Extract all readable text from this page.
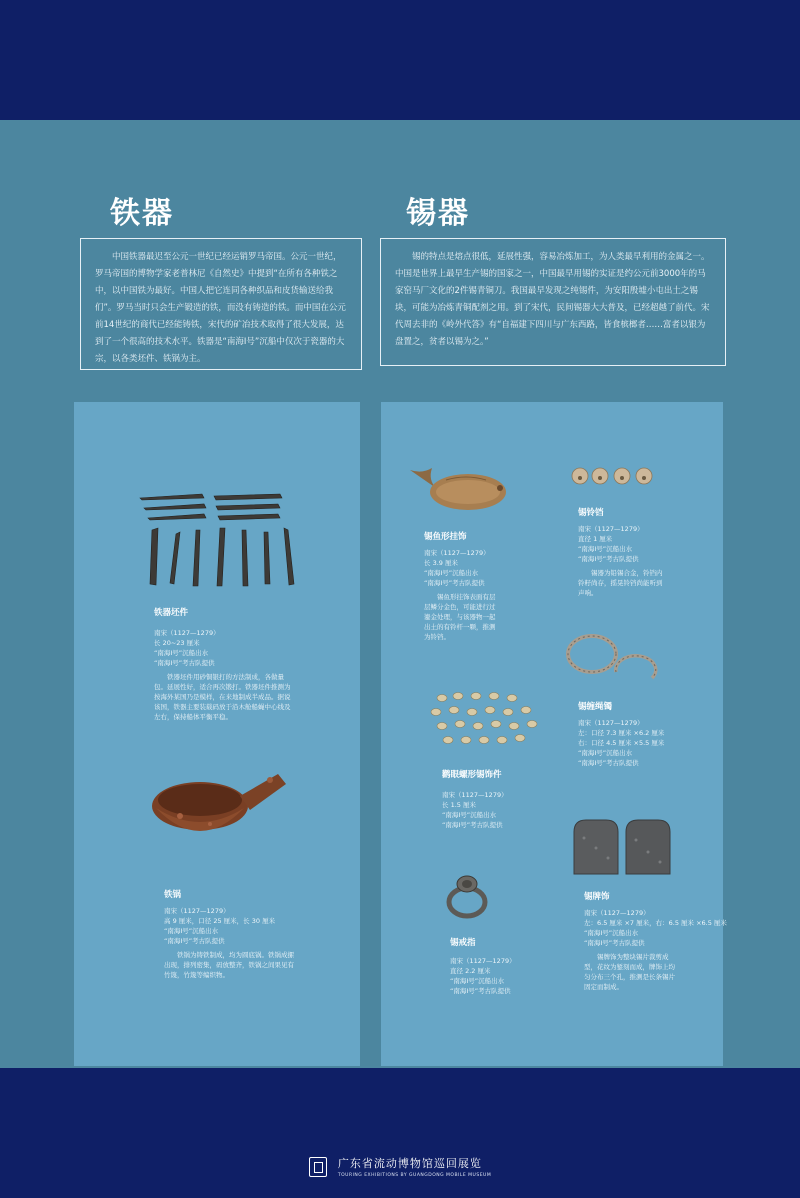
铁器	锡器
中国铁器最迟至公元一世纪已经运销罗马帝国。公元一世纪，罗马帝国的博物学家老普林尼《自然史》中提到“在所有各种铁之中，以中国铁为最好。中国人把它连同各种织品和皮货输送给我们”。罗马当时只会生产锻造的铁，而没有铸造的铁。而中国在公元前14世纪的商代已经能铸铁，宋代的矿冶技术取得了很大发展，达到了一个很高的技术水平。铁器是“南海Ⅰ号”沉船中仅次于瓷器的大宗，以各类坯件、铁锅为主。
锡的特点是熔点很低，延展性强，容易冶炼加工，为人类最早利用的金属之一。中国是世界上最早生产锡的国家之一，中国最早用锡的实证是约公元前3000年的马家窑马厂文化的2件锡青铜刀。我国最早发现之纯锡件，为安阳殷墟小屯出土之锡块，可能为冶炼青铜配剂之用。到了宋代，民间锡器大大普及，已经超越了前代。宋代周去非的《岭外代答》有“自福建下四川与广东西路，皆食槟榔者……富者以银为盘置之，贫者以锡为之。”
铁器坯件
南宋（1127—1279）
长 20~23 厘米
“南海Ⅰ号”沉船出水
“南海Ⅰ号”考古队提供
铁器坯件用砂铜银打的方法制成，各做量包。延展性好，适合再次锻打。铁器坯件推测为按海外某国乃是模样，在来地制成半成品。据说该国，铁器主要装载码放于沿木舱船蝇中心线及左右，保持船体平衡平稳。
铁锅
南宋（1127—1279）
高 9 厘米，口径 25 厘米，长 30 厘米
“南海Ⅰ号”沉船出水
“南海Ⅰ号”考古队提供
铁锅为铸铁制成，均为圆底锅。铁锅成摞出现，排列密集，码放整齐，铁锅之间果见有竹篾，竹篾等编织物。
锡鱼形挂饰
南宋（1127—1279）
长 3.9 厘米
“南海Ⅰ号”沉船出水
“南海Ⅰ号”考古队提供
锡鱼形挂饰表面有层层鳞分金色，可能进行过鎏金处理，与该器物一起出土的有铃杆一颗，推测为铃铛。
锡铃铛
南宋（1127—1279）
直径 1 厘米
“南海Ⅰ号”沉船出水
“南海Ⅰ号”考古队提供
锡器为铅锡合金，铃铛内铃籽尚存，摇晃铃铛尚能听到声响。
锡缠绳镯
南宋（1127—1279）
左：口径 7.3 厘米 ×6.2 厘米
右：口径 4.5 厘米 ×5.5 厘米
“南海Ⅰ号”沉船出水
“南海Ⅰ号”考古队提供
鹳眼螺形锡饰件
南宋（1127—1279）
长 1.5 厘米
“南海Ⅰ号”沉船出水
“南海Ⅰ号”考古队提供
锡牌饰
南宋（1127—1279）
左：6.5 厘米 ×7 厘米，右：6.5 厘米 ×6.5 厘米
“南海Ⅰ号”沉船出水
“南海Ⅰ号”考古队提供
锡牌饰为整块锡片裁剪成型，花纹为錾刻而成，牌饰上均匀分布三个孔，推测是长条锡片固定而制成。
锡戒指
南宋（1127—1279）
直径 2.2 厘米
“南海Ⅰ号”沉船出水
“南海Ⅰ号”考古队提供

广东省流动博物馆巡回展览
TOURING EXHIBITIONS BY GUANGDONG MOBILE MUSEUM
